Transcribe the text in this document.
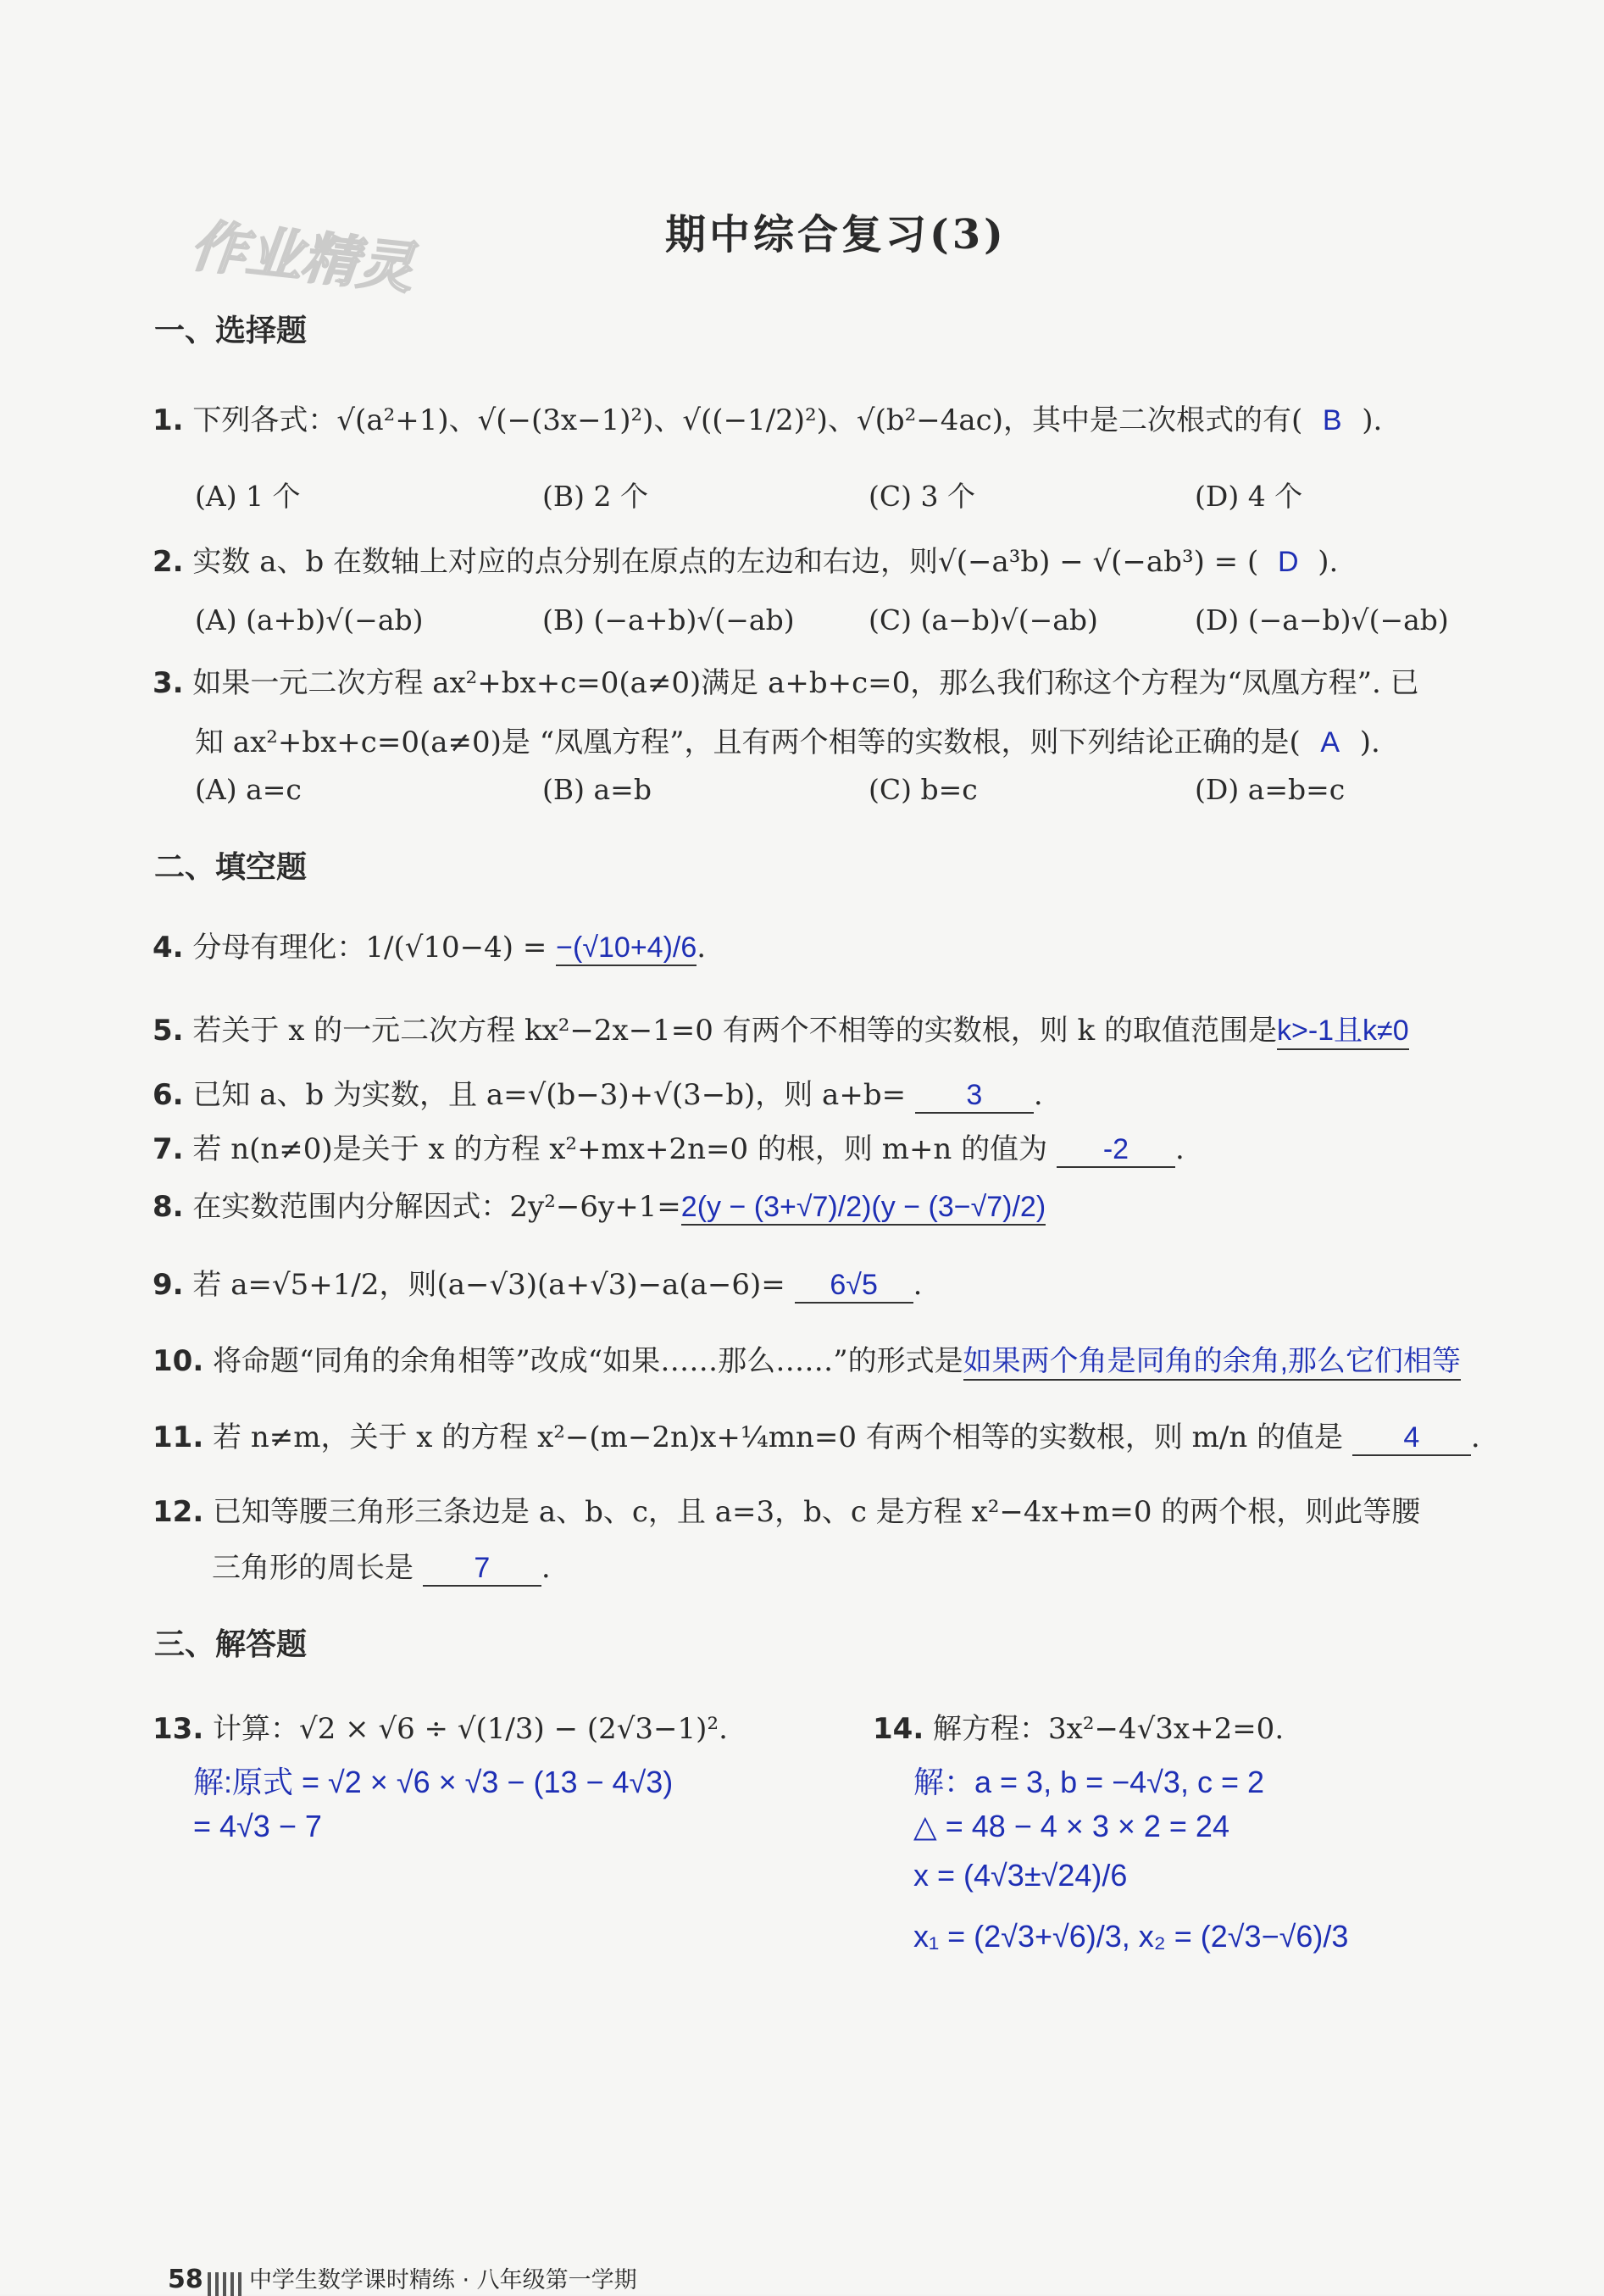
作业精灵	期中综合复习(3)
一、选择题
1. 下列各式：√(a²+1)、√(−(3x−1)²)、√((−1/2)²)、√(b²−4ac)，其中是二次根式的有( B ).
(A) 1 个	(B) 2 个	(C) 3 个	(D) 4 个
2. 实数 a、b 在数轴上对应的点分别在原点的左边和右边，则√(−a³b) − √(−ab³) = ( D ).
(A) (a+b)√(−ab)	(B) (−a+b)√(−ab)	(C) (a−b)√(−ab)	(D) (−a−b)√(−ab)
3. 如果一元二次方程 ax²+bx+c=0(a≠0)满足 a+b+c=0，那么我们称这个方程为“凤凰方程”. 已
知 ax²+bx+c=0(a≠0)是 “凤凰方程”，且有两个相等的实数根，则下列结论正确的是( A ).
(A) a=c	(B) a=b	(C) b=c	(D) a=b=c
二、填空题
4. 分母有理化：1/(√10−4) = −(√10+4)/6.
5. 若关于 x 的一元二次方程 kx²−2x−1=0 有两个不相等的实数根，则 k 的取值范围是k>-1且k≠0
6. 已知 a、b 为实数，且 a=√(b−3)+√(3−b)，则 a+b= 3 .
7. 若 n(n≠0)是关于 x 的方程 x²+mx+2n=0 的根，则 m+n 的值为 -2 .
8. 在实数范围内分解因式：2y²−6y+1=2(y − (3+√7)/2)(y − (3−√7)/2)
9. 若 a=√5+1/2，则(a−√3)(a+√3)−a(a−6)= 6√5 .
10. 将命题“同角的余角相等”改成“如果……那么……”的形式是如果两个角是同角的余角,那么它们相等
11. 若 n≠m，关于 x 的方程 x²−(m−2n)x+¼mn=0 有两个相等的实数根，则 m/n 的值是 4 .
12. 已知等腰三角形三条边是 a、b、c，且 a=3，b、c 是方程 x²−4x+m=0 的两个根，则此等腰
三角形的周长是 7 .
三、解答题
13. 计算：√2 × √6 ÷ √(1/3) − (2√3−1)².
解:原式 = √2 × √6 × √3 − (13 − 4√3)
= 4√3 − 7
14. 解方程：3x²−4√3x+2=0.
解：a = 3, b = −4√3, c = 2
△ = 48 − 4 × 3 × 2 = 24
x = (4√3±√24)/6
x₁ = (2√3+√6)/3, x₂ = (2√3−√6)/3
58 中学生数学课时精练 · 八年级第一学期
